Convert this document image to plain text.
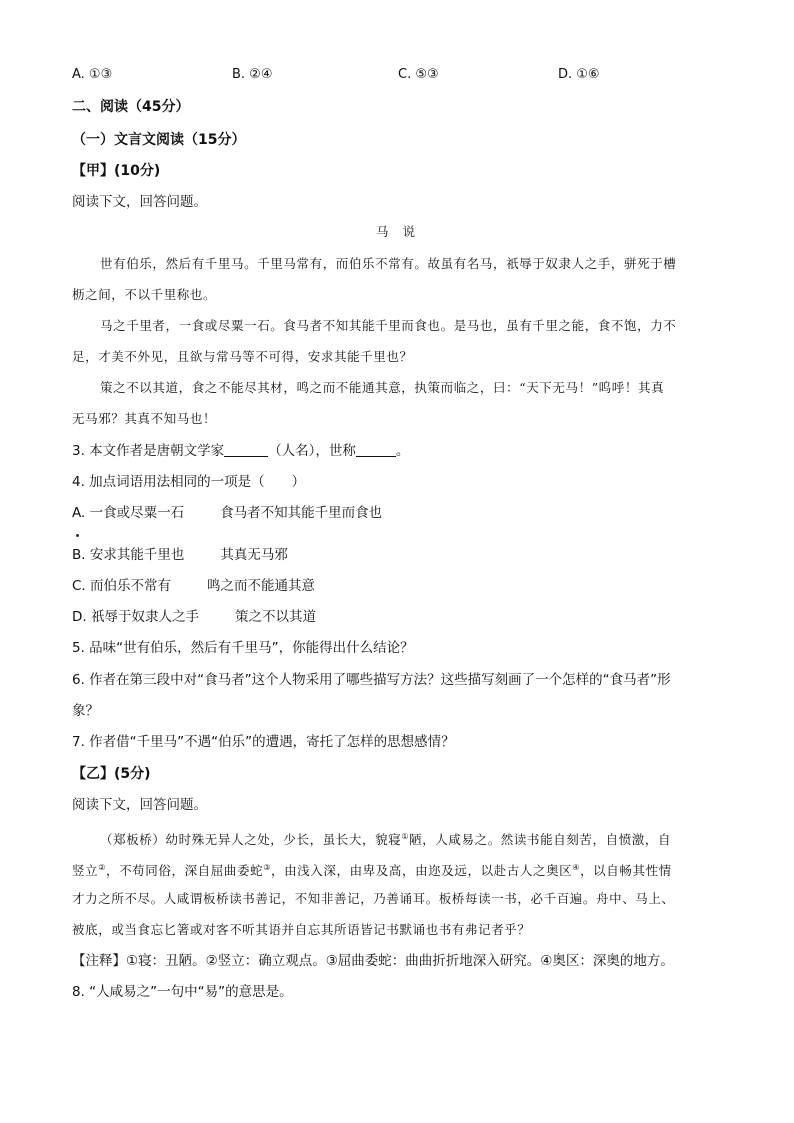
A. ①③	B. ②④	C. ⑤③	D. ①⑥
二、阅读（45分）
（一）文言文阅读（15分）
【甲】(10分)
阅读下文，回答问题。
马说
世有伯乐，然后有千里马。千里马常有，而伯乐不常有。故虽有名马，祇辱于奴隶人之手，骈死于槽
枥之间，不以千里称也。
马之千里者，一食或尽粟一石。食马者不知其能千里而食也。是马也，虽有千里之能，食不饱，力不
足，才美不外见，且欲与常马等不可得，安求其能千里也？
策之不以其道，食之不能尽其材，鸣之而不能通其意，执策而临之，曰：“天下无马！”呜呼！其真
无马邪？其真不知马也！
3. 本文作者是唐朝文学家	（人名），世称	。
4. 加点词语用法相同的一项是（　　）
A. 一食或尽粟一石	食马者不知其能千里而食也
B. 安求其能千里也	其真无马邪
C. 而伯乐不常有	鸣之而不能通其意
D. 祇辱于奴隶人之手	策之不以其道
5. 品味“世有伯乐，然后有千里马”，你能得出什么结论？
6. 作者在第三段中对“食马者”这个人物采用了哪些描写方法？这些描写刻画了一个怎样的“食马者”形
象？
7. 作者借“千里马”不遇“伯乐”的遭遇，寄托了怎样的思想感情？
【乙】(5分)
阅读下文，回答问题。
（郑板桥）幼时殊无异人之处，少长，虽长大，貌寝①陋，人咸易之。然读书能自刻苦，自愤激，自
竖立②，不苟同俗，深自屈曲委蛇③，由浅入深，由卑及高，由迩及远，以赴古人之奥区④，以自畅其性情
才力之所不尽。人咸谓板桥读书善记，不知非善记，乃善诵耳。板桥每读一书，必千百遍。舟中、马上、
被底，或当食忘匕箸或对客不听其语并自忘其所语皆记书默诵也书有弗记者乎？
【注释】①寝：丑陋。②竖立：确立观点。③屈曲委蛇：曲曲折折地深入研究。④奥区：深奥的地方。
8. “人咸易之”一句中“易”的意思是。
